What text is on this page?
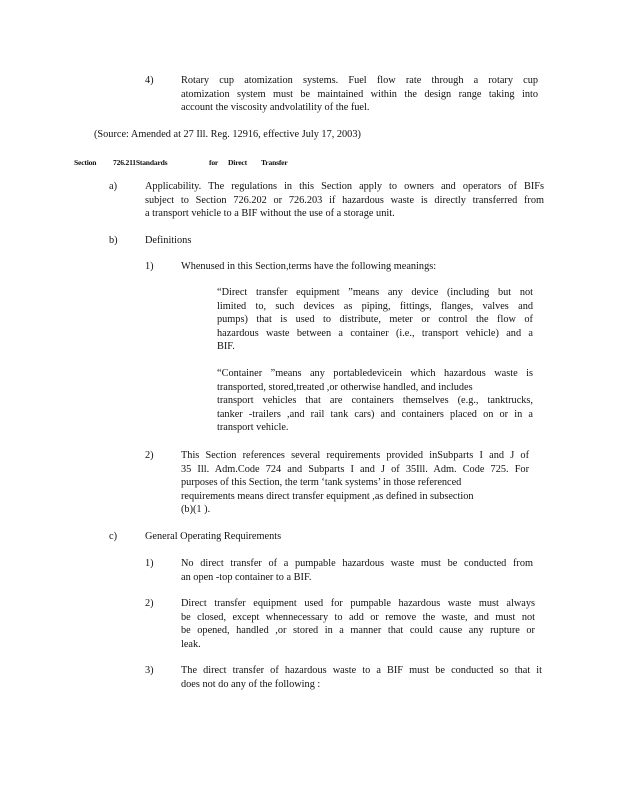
4)	Rotary cup atomization systems. Fuel flow rate through a rotary cup
atomization system must be maintained within the design range taking into
account the viscosity andvolatility of the fuel.
(Source: Amended at 27 Ill. Reg. 12916, effective July 17, 2003)
Section 726.211Standards	for Direct Transfer
a)	Applicability. The regulations in this Section apply to owners and operators of BIFs
subject to Section 726.202 or 726.203 if hazardous waste is directly transferred from
a transport vehicle to a BIF without the use of a storage unit.
b)	Definitions
1)	Whenused in this Section,terms have the following meanings:
“Direct transfer equipment ”means any device (including but not
limited to, such devices as piping, fittings, flanges, valves and
pumps) that is used to distribute, meter or control the flow of
hazardous waste between a container (i.e., transport vehicle) and a
BIF.
“Container ”means any portabledevicein which hazardous waste is
transported, stored,treated ,or otherwise handled, and includes
transport vehicles that are containers themselves (e.g., tanktrucks,
tanker -trailers ,and rail tank cars) and containers placed on or in a
transport vehicle.
2)	This Section references several requirements provided inSubparts I and J of
35 Ill. Adm.Code 724 and Subparts I and J of 35Ill. Adm. Code 725. For
purposes of this Section, the term ‘tank systems’ in those referenced
requirements means direct transfer equipment ,as defined in subsection
(b)(1 ).
c)	General Operating Requirements
1)	No direct transfer of a pumpable hazardous waste must be conducted from
an open -top container to a BIF.
2)	Direct transfer equipment used for pumpable hazardous waste must always
be closed, except whennecessary to add or remove the waste, and must not
be opened, handled ,or stored in a manner that could cause any rupture or
leak.
3)	The direct transfer of hazardous waste to a BIF must be conducted so that it
does not do any of the following :
